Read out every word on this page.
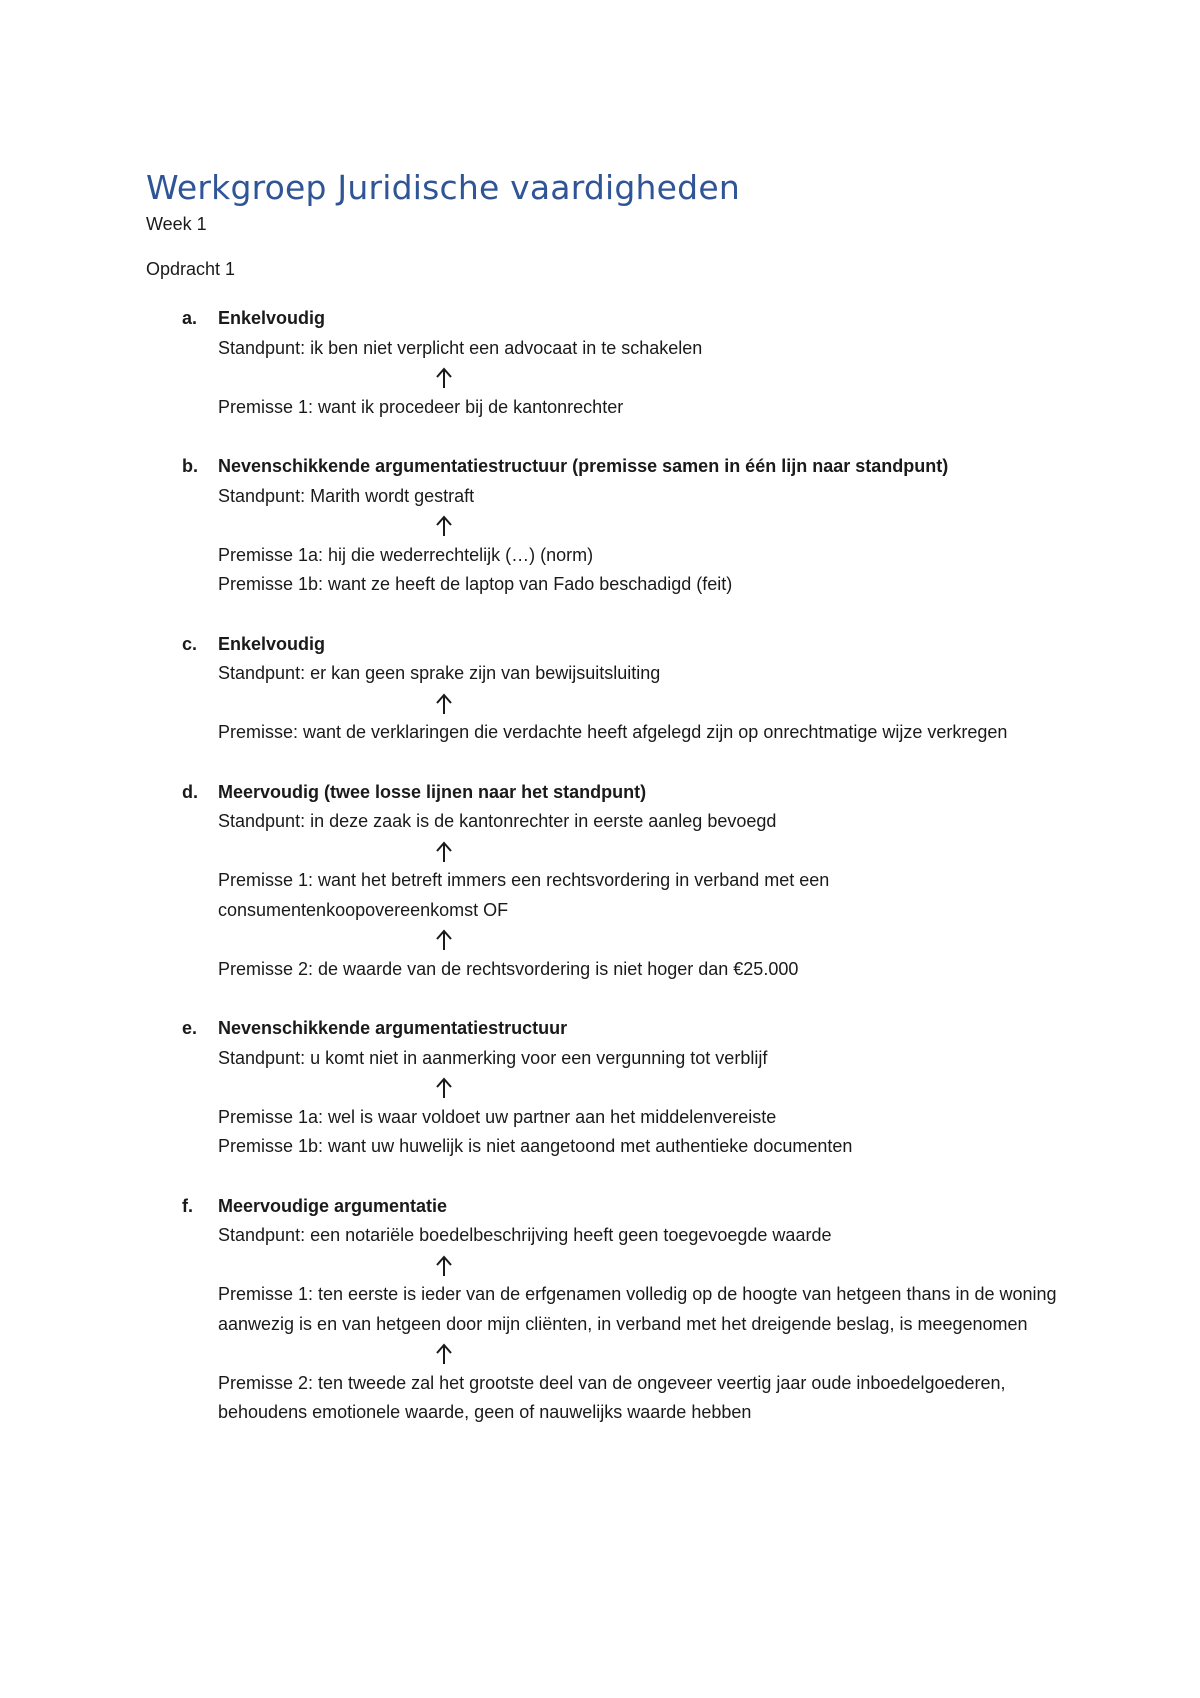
Werkgroep Juridische vaardigheden
Week 1
Opdracht 1
a. Enkelvoudig
Standpunt: ik ben niet verplicht een advocaat in te schakelen
Premisse 1: want ik procedeer bij de kantonrechter
b. Nevenschikkende argumentatiestructuur (premisse samen in één lijn naar standpunt)
Standpunt: Marith wordt gestraft
Premisse 1a: hij die wederrechtelijk (…) (norm)
Premisse 1b: want ze heeft de laptop van Fado beschadigd (feit)
c. Enkelvoudig
Standpunt: er kan geen sprake zijn van bewijsuitsluiting
Premisse: want de verklaringen die verdachte heeft afgelegd zijn op onrechtmatige wijze verkregen
d. Meervoudig (twee losse lijnen naar het standpunt)
Standpunt: in deze zaak is de kantonrechter in eerste aanleg bevoegd
Premisse 1: want het betreft immers een rechtsvordering in verband met een consumentenkoopovereenkomst OF
Premisse 2: de waarde van de rechtsvordering is niet hoger dan €25.000
e. Nevenschikkende argumentatiestructuur
Standpunt: u komt niet in aanmerking voor een vergunning tot verblijf
Premisse 1a: wel is waar voldoet uw partner aan het middelenvereiste
Premisse 1b: want uw huwelijk is niet aangetoond met authentieke documenten
f. Meervoudige argumentatie
Standpunt: een notariële boedelbeschrijving heeft geen toegevoegde waarde
Premisse 1: ten eerste is ieder van de erfgenamen volledig op de hoogte van hetgeen thans in de woning aanwezig is en van hetgeen door mijn cliënten, in verband met het dreigende beslag, is meegenomen
Premisse 2: ten tweede zal het grootste deel van de ongeveer veertig jaar oude inboedelgoederen, behoudens emotionele waarde, geen of nauwelijks waarde hebben
